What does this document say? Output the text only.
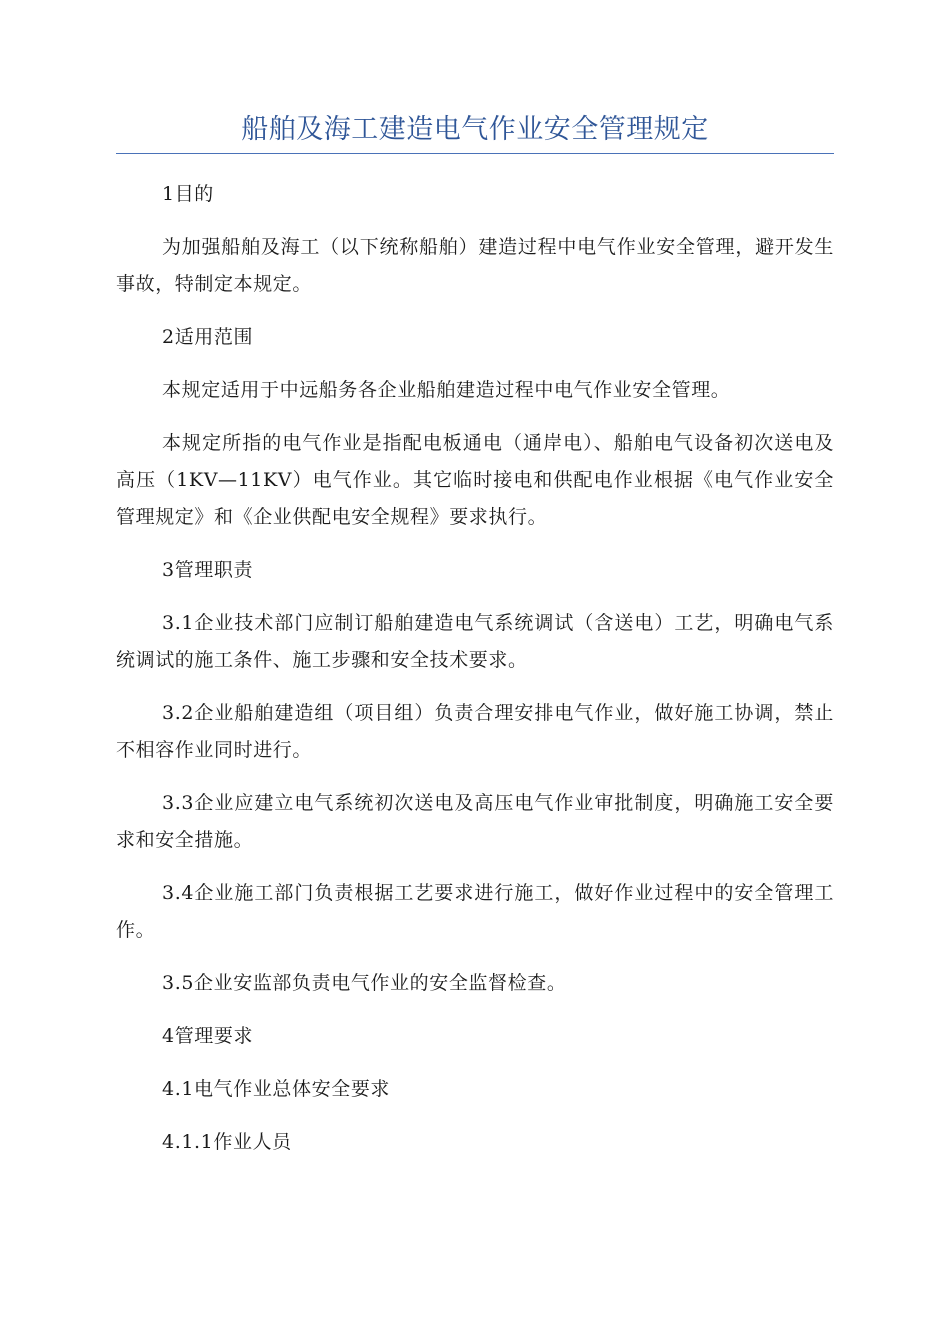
船舶及海工建造电气作业安全管理规定

1目的

为加强船舶及海工（以下统称船舶）建造过程中电气作业安全管理，避开发生事故，特制定本规定。

2适用范围

本规定适用于中远船务各企业船舶建造过程中电气作业安全管理。

本规定所指的电气作业是指配电板通电（通岸电）、船舶电气设备初次送电及高压（1KV—11KV）电气作业。其它临时接电和供配电作业根据《电气作业安全管理规定》和《企业供配电安全规程》要求执行。

3管理职责

3.1企业技术部门应制订船舶建造电气系统调试（含送电）工艺，明确电气系统调试的施工条件、施工步骤和安全技术要求。

3.2企业船舶建造组（项目组）负责合理安排电气作业，做好施工协调，禁止不相容作业同时进行。

3.3企业应建立电气系统初次送电及高压电气作业审批制度，明确施工安全要求和安全措施。

3.4企业施工部门负责根据工艺要求进行施工，做好作业过程中的安全管理工作。

3.5企业安监部负责电气作业的安全监督检查。

4管理要求

4.1电气作业总体安全要求

4.1.1作业人员
